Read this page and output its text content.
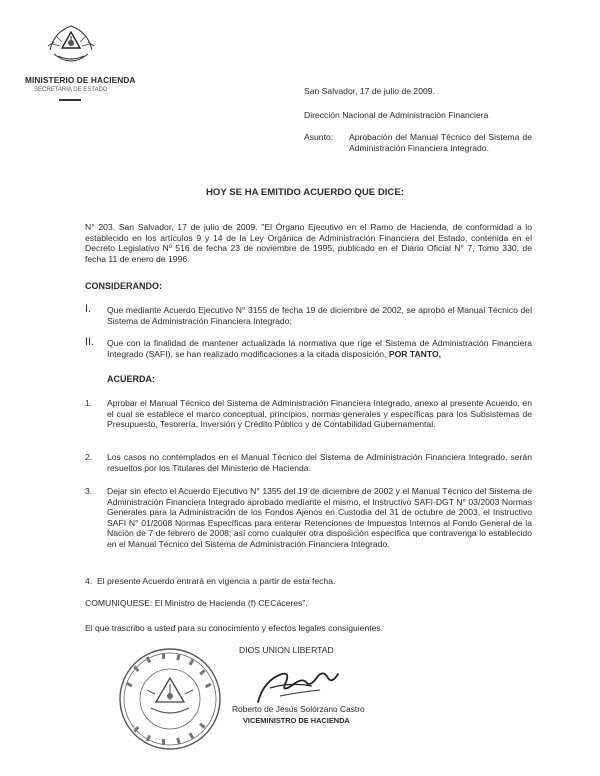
MINISTERIO DE HACIENDA
SECRETARIA DE ESTADO	San Salvador, 17 de julio de 2009.
Dirección Nacional de Administración Financiera
Asunto: Aprobación del Manual Técnico del Sistema de Administración Financiera Integrado.
HOY SE HA EMITIDO ACUERDO QUE DICE:
N° 203. San Salvador, 17 de julio de 2009. "El Órgano Ejecutivo en el Ramo de Hacienda, de conformidad a lo establecido en los artículos 9 y 14 de la Ley Orgánica de Administración Financiera del Estado, contenida en el Decreto Legislativo Nº 516 de fecha 23 de noviembre de 1995, publicado en el Diario Oficial N° 7, Tomo 330, de fecha 11 de enero de 1996.
CONSIDERANDO:
I. Que mediante Acuerdo Ejecutivo N° 3155 de fecha 19 de diciembre de 2002, se aprobó el Manual Técnico del Sistema de Administración Financiera Integrado;
II. Que con la finalidad de mantener actualizada la normativa que rige el Sistema de Administración Financiera Integrado (SAFI), se han realizado modificaciones a la citada disposición, POR TANTO,
ACUERDA:
1. Aprobar el Manual Técnico del Sistema de Administración Financiera Integrado, anexo al presente Acuerdo, en el cual se establece el marco conceptual, principios, normas generales y específicas para los Subsistemas de Presupuesto, Tesorería, Inversión y Crédito Público y de Contabilidad Gubernamental.
2. Los casos no contemplados en el Manual Técnico del Sistema de Administración Financiera Integrado, serán resueltos por los Titulares del Ministerio de Hacienda.
3. Dejar sin efecto el Acuerdo Ejecutivo N° 1355 del 19 de diciembre de 2002 y el Manual Técnico del Sistema de Administración Financiera Integrado aprobado mediante el mismo, el Instructivo SAFI-DGT N° 03/2003 Normas Generales para la Administración de los Fondos Ajenos en Custodia del 31 de octubre de 2003, el Instructivo SAFI N° 01/2008 Normas Específicas para enterar Retenciones de Impuestos Internos al Fondo General de la Nación de 7 de febrero de 2008; así como cualquier otra disposición específica que contravenga lo establecido en el Manual Técnico del Sistema de Administración Financiera Integrado.
4. El presente Acuerdo entrará en vigencia a partir de esta fecha.
COMUNIQUESE: El Ministro de Hacienda (f) CECáceres".
El que trascribo a usted para su conocimiento y efectos legales consiguientes.
DIOS UNION LIBERTAD
Roberto de Jesús Solórzano Castro
VICEMINISTRO DE HACIENDA
